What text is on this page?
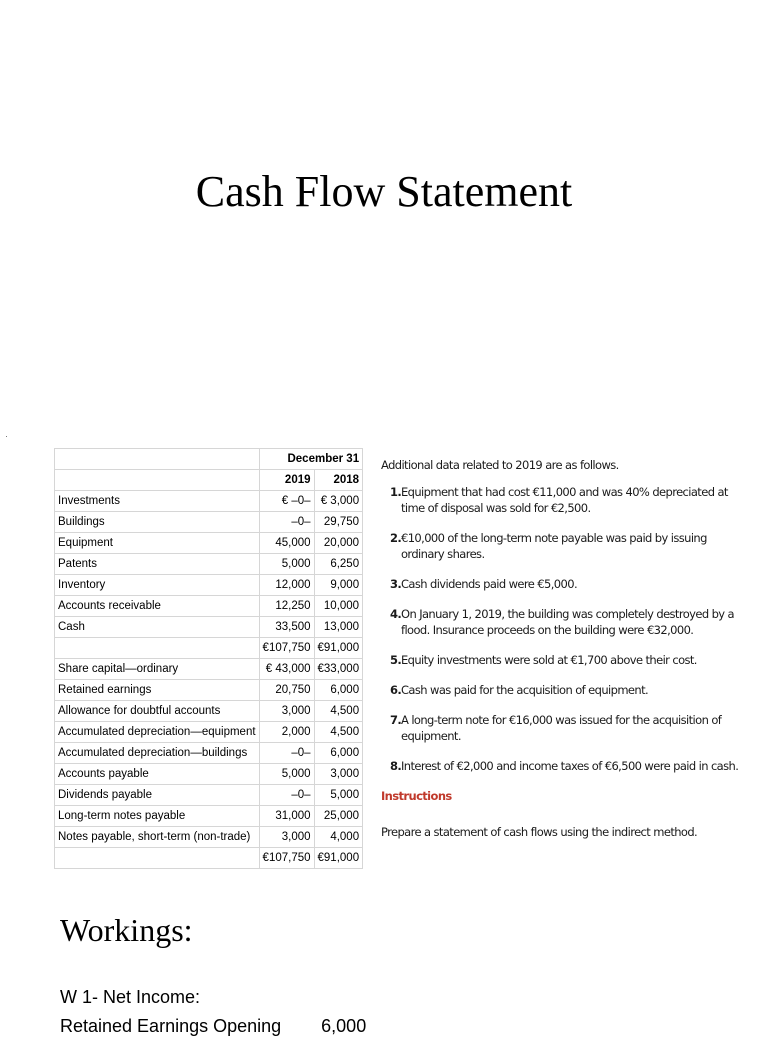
Cash Flow Statement
	December 31	
	2019	2018
Investments	€ –0–	€ 3,000
Buildings	–0–	29,750
Equipment	45,000	20,000
Patents	5,000	6,250
Inventory	12,000	9,000
Accounts receivable	12,250	10,000
Cash	33,500	13,000
	€107,750	€91,000
Share capital—ordinary	€ 43,000	€33,000
Retained earnings	20,750	6,000
Allowance for doubtful accounts	3,000	4,500
Accumulated depreciation—equipment	2,000	4,500
Accumulated depreciation—buildings	–0–	6,000
Accounts payable	5,000	3,000
Dividends payable	–0–	5,000
Long-term notes payable	31,000	25,000
Notes payable, short-term (non-trade)	3,000	4,000
	€107,750	€91,000
Additional data related to 2019 are as follows.
1. Equipment that had cost €11,000 and was 40% depreciated at time of disposal was sold for €2,500.
2. €10,000 of the long-term note payable was paid by issuing ordinary shares.
3. Cash dividends paid were €5,000.
4. On January 1, 2019, the building was completely destroyed by a flood. Insurance proceeds on the building were €32,000.
5. Equity investments were sold at €1,700 above their cost.
6. Cash was paid for the acquisition of equipment.
7. A long-term note for €16,000 was issued for the acquisition of equipment.
8. Interest of €2,000 and income taxes of €6,500 were paid in cash.
Instructions
Prepare a statement of cash flows using the indirect method.
Workings:
W 1- Net Income:
Retained Earnings Opening        6,000
